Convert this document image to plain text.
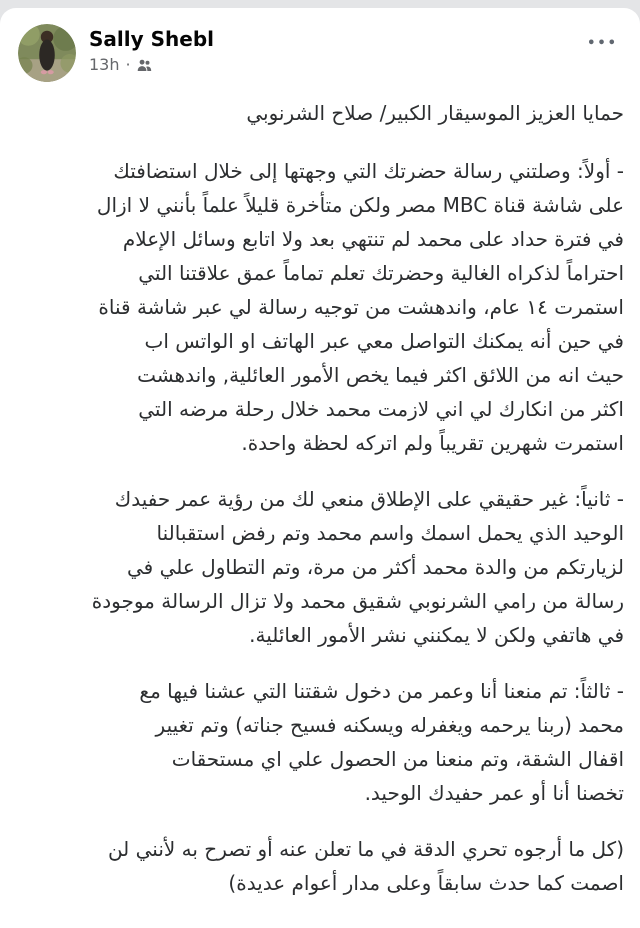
Sally Shebl
13h ·
•••
حمايا العزيز الموسيقار الكبير/ صلاح الشرنوبي
- أولاً: وصلتني رسالة حضرتك التي وجهتها إلى خلال استضافتك
على شاشة قناة MBC مصر ولكن متأخرة قليلاً علماً بأنني لا ازال
في فترة حداد على محمد لم تنتهي بعد ولا اتابع وسائل الإعلام
احتراماً لذكراه الغالية وحضرتك تعلم تماماً عمق علاقتنا التي
استمرت ١٤ عام، واندهشت من توجيه رسالة لي عبر شاشة قناة
في حين أنه يمكنك التواصل معي عبر الهاتف او الواتس اب
حيث انه من اللائق اكثر فيما يخص الأمور العائلية, واندهشت
اكثر من انكارك لي اني لازمت محمد خلال رحلة مرضه التي
استمرت شهرين تقريباً ولم اتركه لحظة واحدة.
- ثانياً: غير حقيقي على الإطلاق منعي لك من رؤية عمر حفيدك
الوحيد الذي يحمل اسمك واسم محمد وتم رفض استقبالنا
لزيارتكم من والدة محمد أكثر من مرة، وتم التطاول علي في
رسالة من رامي الشرنوبي شقيق محمد ولا تزال الرسالة موجودة
في هاتفي ولكن لا يمكنني نشر الأمور العائلية.
- ثالثاً: تم منعنا أنا وعمر من دخول شقتنا التي عشنا فيها مع
محمد (ربنا يرحمه ويغفرله ويسكنه فسيح جناته) وتم تغيير
اقفال الشقة، وتم منعنا من الحصول علي اي مستحقات
تخصنا أنا أو عمر حفيدك الوحيد.
(كل ما أرجوه تحري الدقة في ما تعلن عنه أو تصرح به لأنني لن
اصمت كما حدث سابقاً وعلى مدار أعوام عديدة)
